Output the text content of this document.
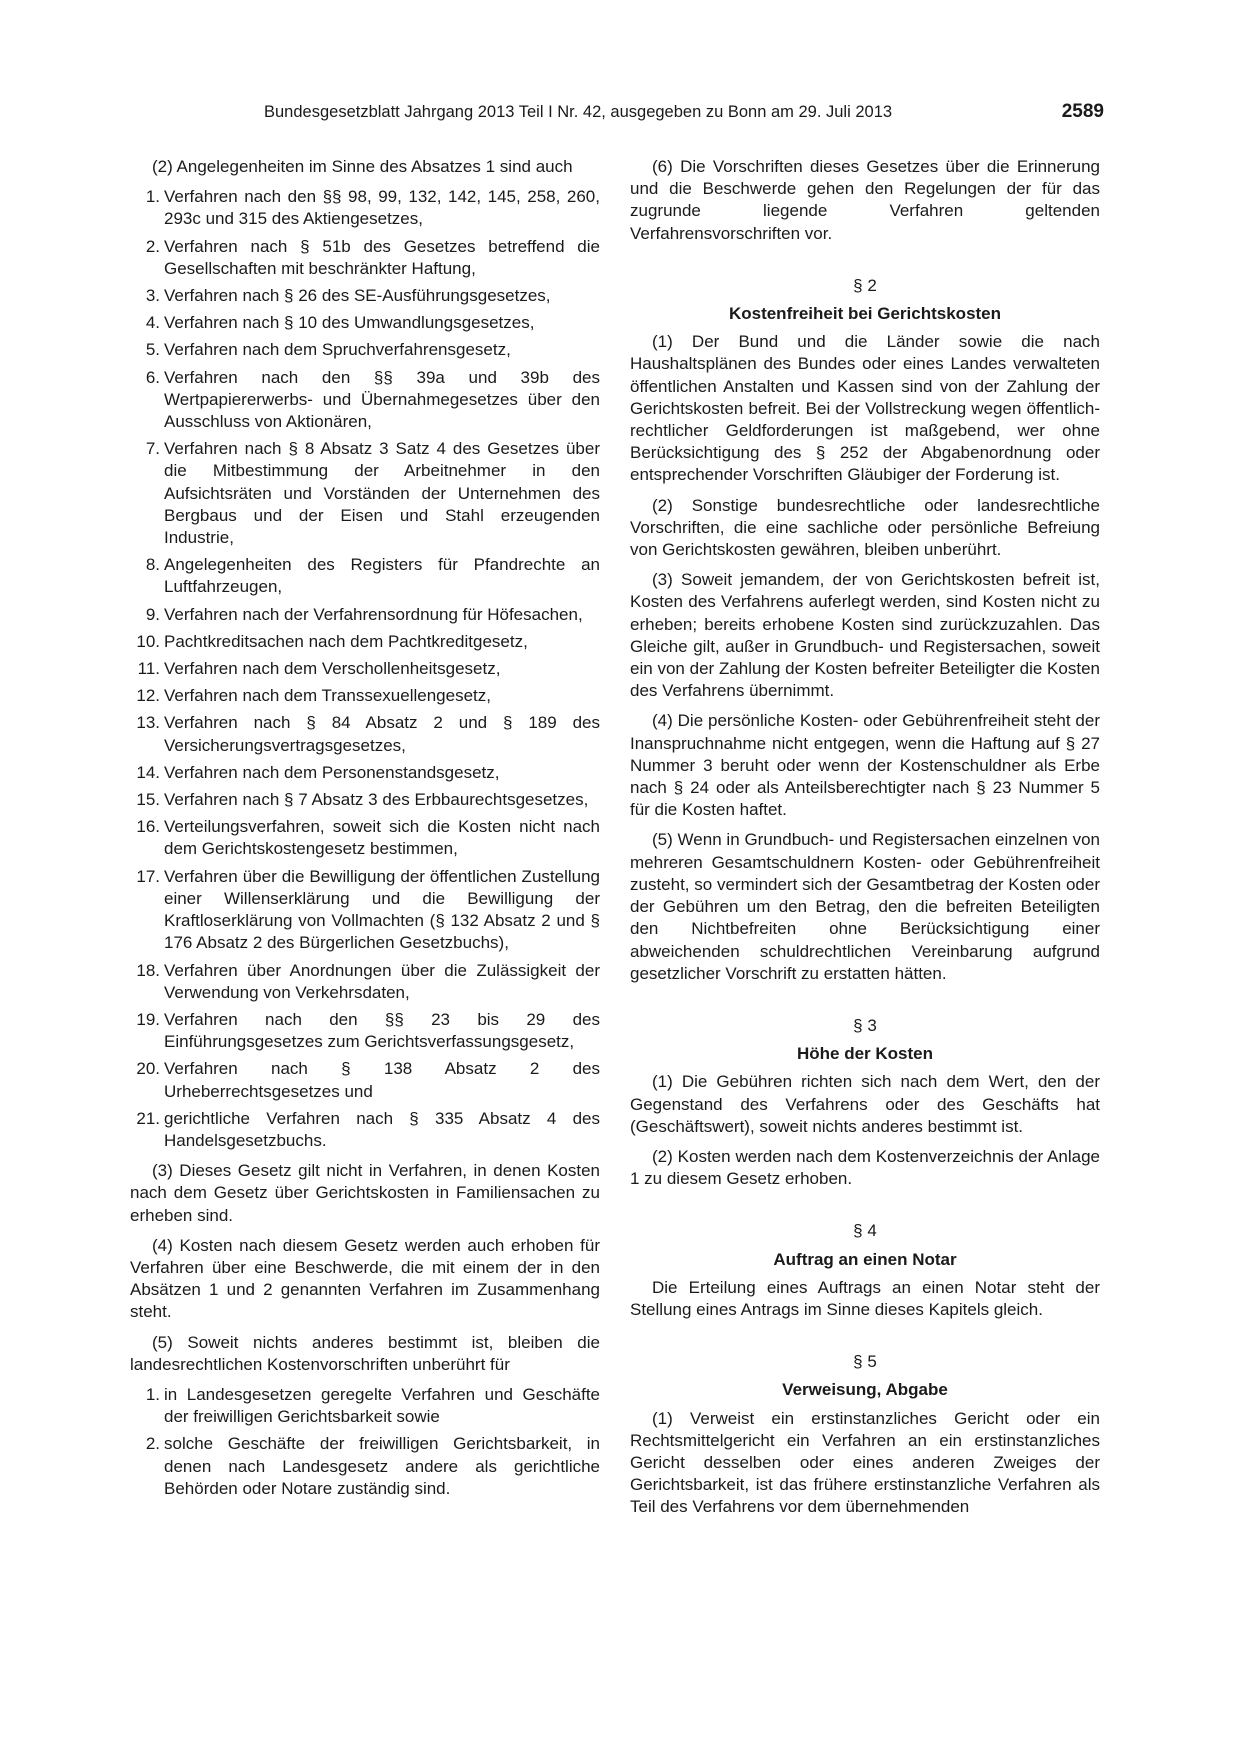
Bundesgesetzblatt Jahrgang 2013 Teil I Nr. 42, ausgegeben zu Bonn am 29. Juli 2013	2589

(2) Angelegenheiten im Sinne des Absatzes 1 sind auch

1. Verfahren nach den §§ 98, 99, 132, 142, 145, 258, 260, 293c und 315 des Aktiengesetzes,
2. Verfahren nach § 51b des Gesetzes betreffend die Gesellschaften mit beschränkter Haftung,
3. Verfahren nach § 26 des SE-Ausführungsgesetzes,
4. Verfahren nach § 10 des Umwandlungsgesetzes,
5. Verfahren nach dem Spruchverfahrensgesetz,
6. Verfahren nach den §§ 39a und 39b des Wertpapiererwerbs- und Übernahmegesetzes über den Ausschluss von Aktionären,
7. Verfahren nach § 8 Absatz 3 Satz 4 des Gesetzes über die Mitbestimmung der Arbeitnehmer in den Aufsichtsräten und Vorständen der Unternehmen des Bergbaus und der Eisen und Stahl erzeugenden Industrie,
8. Angelegenheiten des Registers für Pfandrechte an Luftfahrzeugen,
9. Verfahren nach der Verfahrensordnung für Höfesachen,
10. Pachtkreditsachen nach dem Pachtkreditgesetz,
11. Verfahren nach dem Verschollenheitsgesetz,
12. Verfahren nach dem Transsexuellengesetz,
13. Verfahren nach § 84 Absatz 2 und § 189 des Versicherungsvertragsgesetzes,
14. Verfahren nach dem Personenstandsgesetz,
15. Verfahren nach § 7 Absatz 3 des Erbbaurechtsgesetzes,
16. Verteilungsverfahren, soweit sich die Kosten nicht nach dem Gerichtskostengesetz bestimmen,
17. Verfahren über die Bewilligung der öffentlichen Zustellung einer Willenserklärung und die Bewilligung der Kraftloserklärung von Vollmachten (§ 132 Absatz 2 und § 176 Absatz 2 des Bürgerlichen Gesetzbuchs),
18. Verfahren über Anordnungen über die Zulässigkeit der Verwendung von Verkehrsdaten,
19. Verfahren nach den §§ 23 bis 29 des Einführungsgesetzes zum Gerichtsverfassungsgesetz,
20. Verfahren nach § 138 Absatz 2 des Urheberrechtsgesetzes und
21. gerichtliche Verfahren nach § 335 Absatz 4 des Handelsgesetzbuchs.

(3) Dieses Gesetz gilt nicht in Verfahren, in denen Kosten nach dem Gesetz über Gerichtskosten in Familiensachen zu erheben sind.

(4) Kosten nach diesem Gesetz werden auch erhoben für Verfahren über eine Beschwerde, die mit einem der in den Absätzen 1 und 2 genannten Verfahren im Zusammenhang steht.

(5) Soweit nichts anderes bestimmt ist, bleiben die landesrechtlichen Kostenvorschriften unberührt für

1. in Landesgesetzen geregelte Verfahren und Geschäfte der freiwilligen Gerichtsbarkeit sowie
2. solche Geschäfte der freiwilligen Gerichtsbarkeit, in denen nach Landesgesetz andere als gerichtliche Behörden oder Notare zuständig sind.

(6) Die Vorschriften dieses Gesetzes über die Erinnerung und die Beschwerde gehen den Regelungen der für das zugrunde liegende Verfahren geltenden Verfahrensvorschriften vor.

§ 2
Kostenfreiheit bei Gerichtskosten

(1) Der Bund und die Länder sowie die nach Haushaltsplänen des Bundes oder eines Landes verwalteten öffentlichen Anstalten und Kassen sind von der Zahlung der Gerichtskosten befreit. Bei der Vollstreckung wegen öffentlich-rechtlicher Geldforderungen ist maßgebend, wer ohne Berücksichtigung des § 252 der Abgabenordnung oder entsprechender Vorschriften Gläubiger der Forderung ist.

(2) Sonstige bundesrechtliche oder landesrechtliche Vorschriften, die eine sachliche oder persönliche Befreiung von Gerichtskosten gewähren, bleiben unberührt.

(3) Soweit jemandem, der von Gerichtskosten befreit ist, Kosten des Verfahrens auferlegt werden, sind Kosten nicht zu erheben; bereits erhobene Kosten sind zurückzuzahlen. Das Gleiche gilt, außer in Grundbuch- und Registersachen, soweit ein von der Zahlung der Kosten befreiter Beteiligter die Kosten des Verfahrens übernimmt.

(4) Die persönliche Kosten- oder Gebührenfreiheit steht der Inanspruchnahme nicht entgegen, wenn die Haftung auf § 27 Nummer 3 beruht oder wenn der Kostenschuldner als Erbe nach § 24 oder als Anteilsberechtigter nach § 23 Nummer 5 für die Kosten haftet.

(5) Wenn in Grundbuch- und Registersachen einzelnen von mehreren Gesamtschuldnern Kosten- oder Gebührenfreiheit zusteht, so vermindert sich der Gesamtbetrag der Kosten oder der Gebühren um den Betrag, den die befreiten Beteiligten den Nichtbefreiten ohne Berücksichtigung einer abweichenden schuldrechtlichen Vereinbarung aufgrund gesetzlicher Vorschrift zu erstatten hätten.

§ 3
Höhe der Kosten

(1) Die Gebühren richten sich nach dem Wert, den der Gegenstand des Verfahrens oder des Geschäfts hat (Geschäftswert), soweit nichts anderes bestimmt ist.

(2) Kosten werden nach dem Kostenverzeichnis der Anlage 1 zu diesem Gesetz erhoben.

§ 4
Auftrag an einen Notar

Die Erteilung eines Auftrags an einen Notar steht der Stellung eines Antrags im Sinne dieses Kapitels gleich.

§ 5
Verweisung, Abgabe

(1) Verweist ein erstinstanzliches Gericht oder ein Rechtsmittelgericht ein Verfahren an ein erstinstanzliches Gericht desselben oder eines anderen Zweiges der Gerichtsbarkeit, ist das frühere erstinstanzliche Verfahren als Teil des Verfahrens vor dem übernehmenden
